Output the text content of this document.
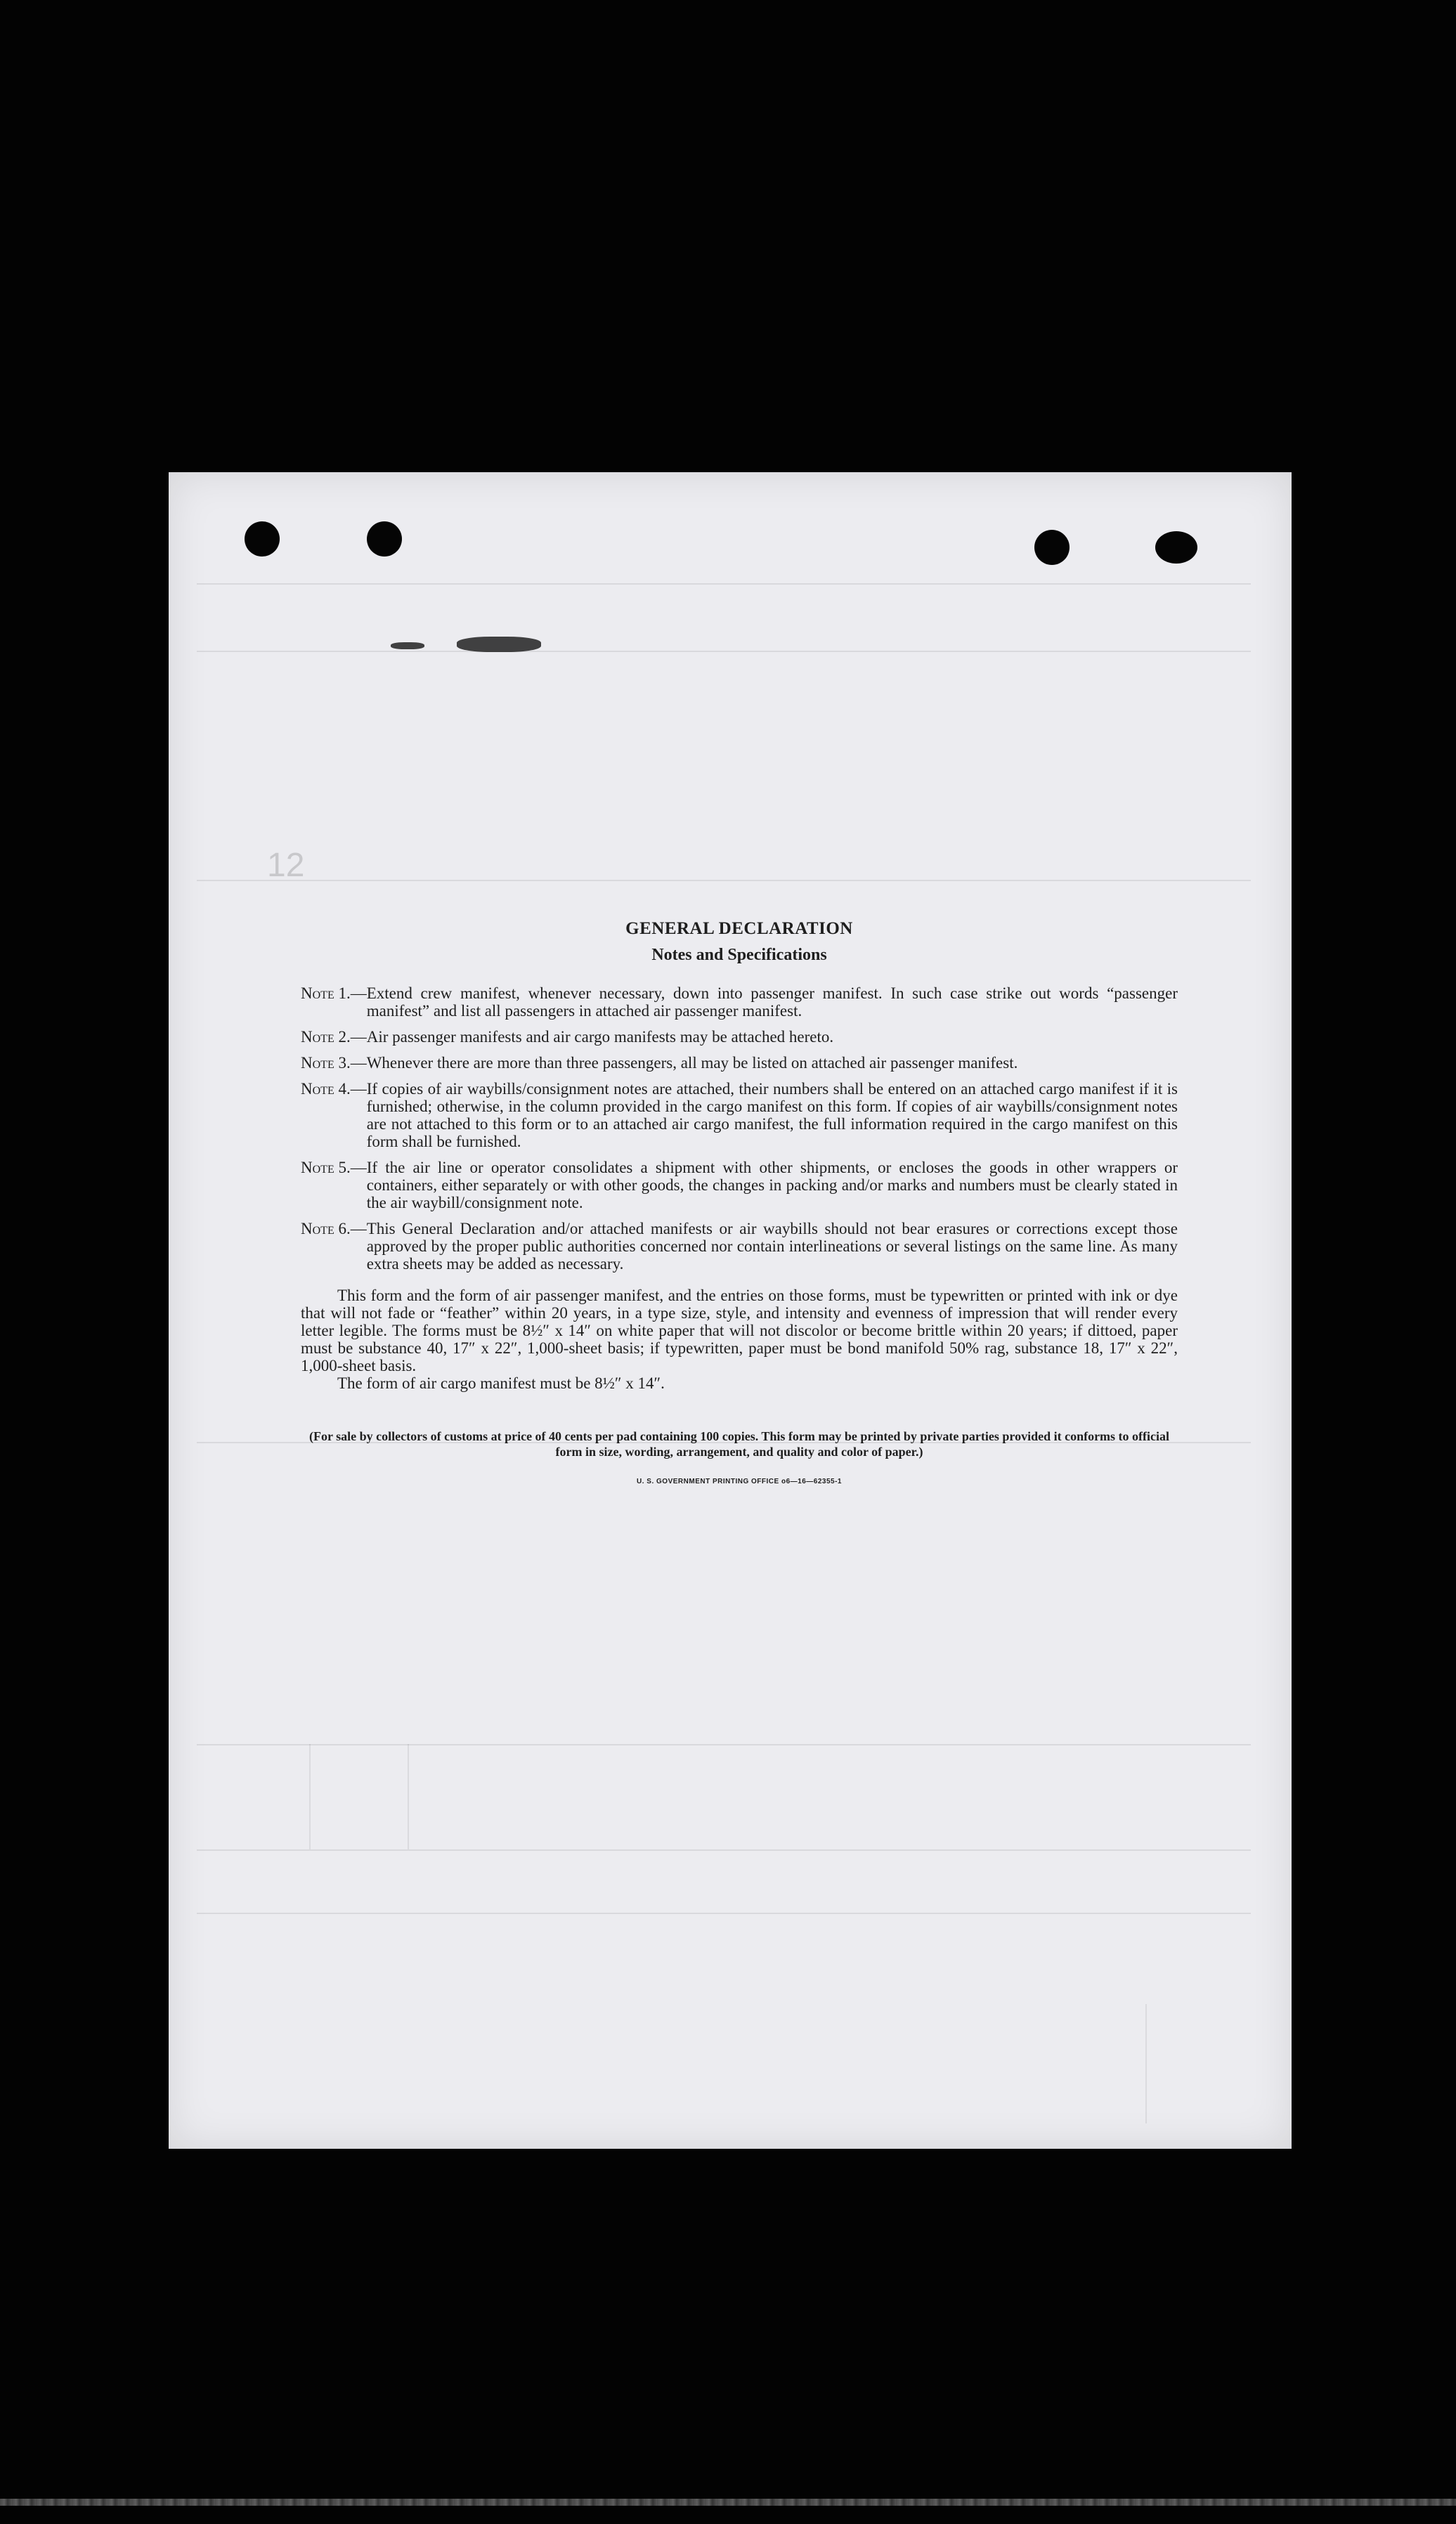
12
GENERAL DECLARATION
Notes and Specifications
Note 1.— Extend crew manifest, whenever necessary, down into passenger manifest. In such case strike out words “passenger manifest” and list all passengers in attached air passenger manifest.
Note 2.— Air passenger manifests and air cargo manifests may be attached hereto.
Note 3.— Whenever there are more than three passengers, all may be listed on attached air passenger manifest.
Note 4.— If copies of air waybills/consignment notes are attached, their numbers shall be entered on an attached cargo manifest if it is furnished; otherwise, in the column provided in the cargo manifest on this form. If copies of air waybills/consignment notes are not attached to this form or to an attached air cargo manifest, the full information required in the cargo manifest on this form shall be furnished.
Note 5.— If the air line or operator consolidates a shipment with other shipments, or encloses the goods in other wrappers or containers, either separately or with other goods, the changes in packing and/or marks and numbers must be clearly stated in the air waybill/consignment note.
Note 6.— This General Declaration and/or attached manifests or air waybills should not bear erasures or corrections except those approved by the proper public authorities concerned nor contain interlineations or several listings on the same line. As many extra sheets may be added as necessary.

This form and the form of air passenger manifest, and the entries on those forms, must be typewritten or printed with ink or dye that will not fade or “feather” within 20 years, in a type size, style, and intensity and evenness of impression that will render every letter legible. The forms must be 8½″ x 14″ on white paper that will not discolor or become brittle within 20 years; if dittoed, paper must be substance 40, 17″ x 22″, 1,000-sheet basis; if typewritten, paper must be bond manifold 50% rag, substance 18, 17″ x 22″, 1,000-sheet basis.

The form of air cargo manifest must be 8½″ x 14″.

(For sale by collectors of customs at price of 40 cents per pad containing 100 copies. This form may be printed by private parties provided it conforms to official form in size, wording, arrangement, and quality and color of paper.)
U. S. GOVERNMENT PRINTING OFFICE o6—16—62355-1
